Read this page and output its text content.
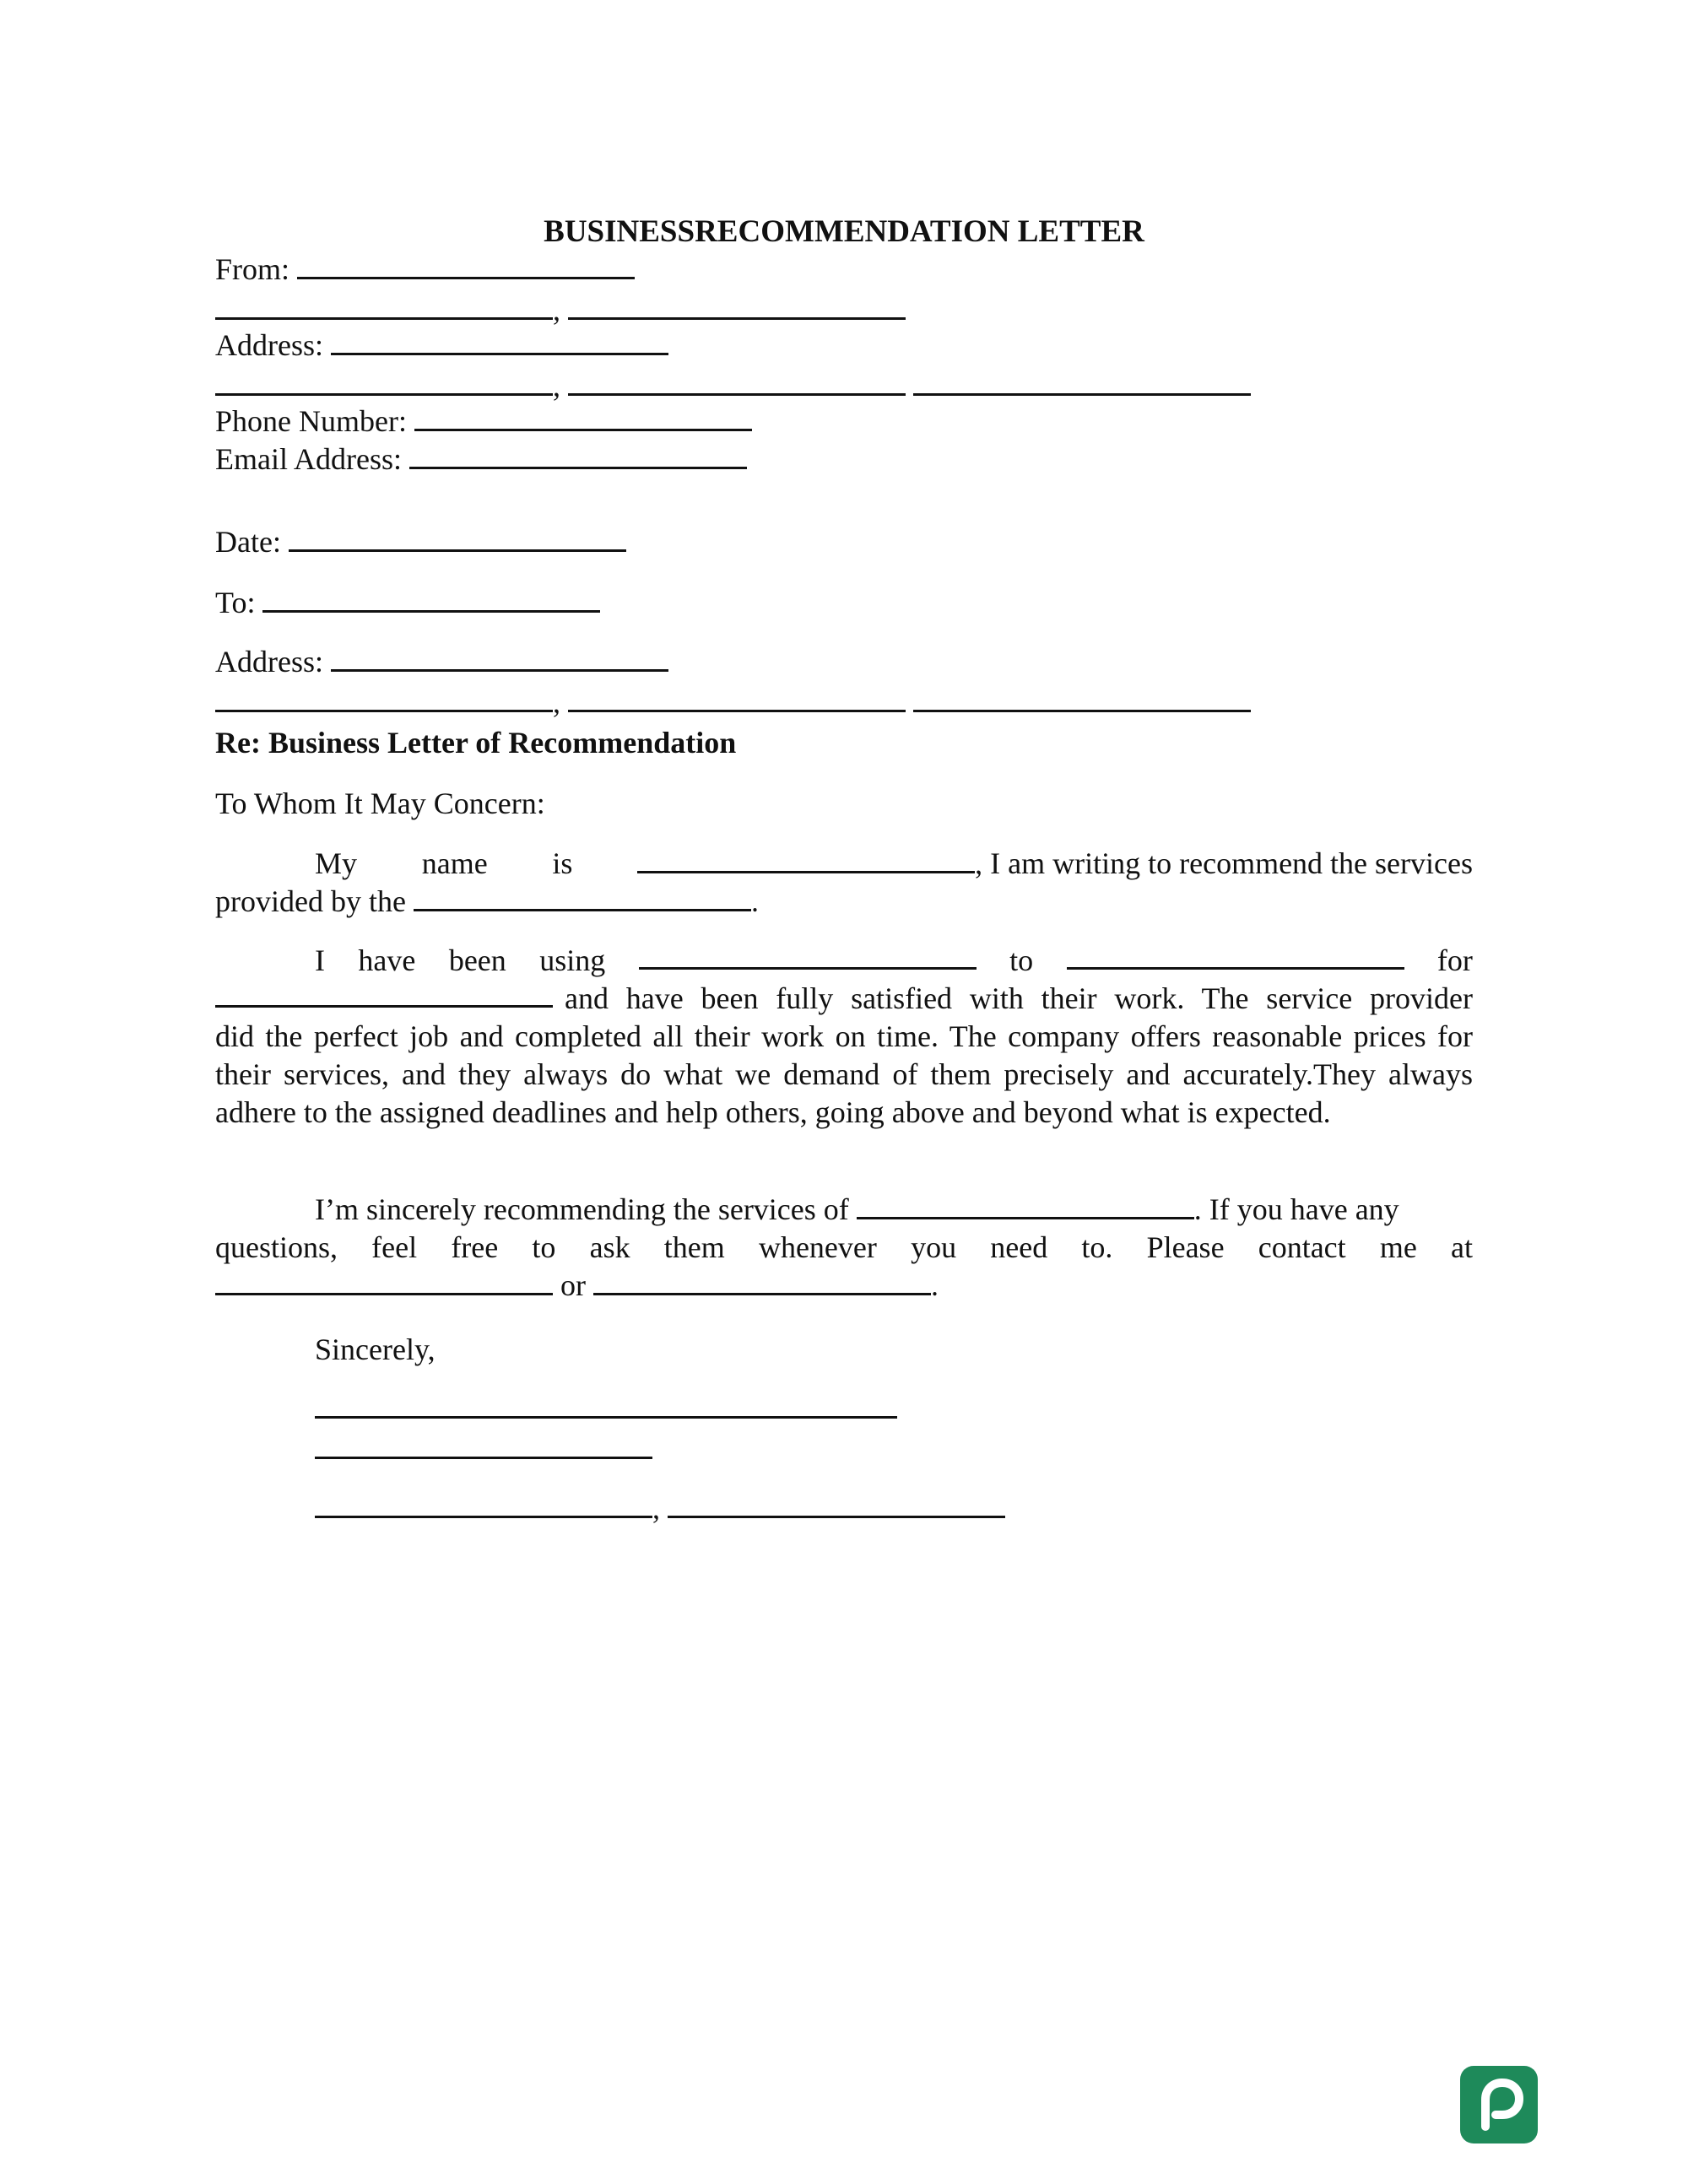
BUSINESSRECOMMENDATION LETTER
From:
,
Address:
,
Phone Number:
Email Address:
Date:
To:
Address:
,
Re: Business Letter of Recommendation
To Whom It May Concern:
My name is	, I am writing to recommend the services
provided by the	.
I have been using	to	for
and have been fully satisfied with their work. The service provider
did the perfect job and completed all their work on time. The company offers reasonable prices for their services, and they always do what we demand of them precisely and accurately.They always adhere to the assigned deadlines and help others, going above and beyond what is expected.
I’m sincerely recommending the services of	. If you have any
questions, feel free to ask them whenever you need to. Please contact me at
or	.
Sincerely,
,
